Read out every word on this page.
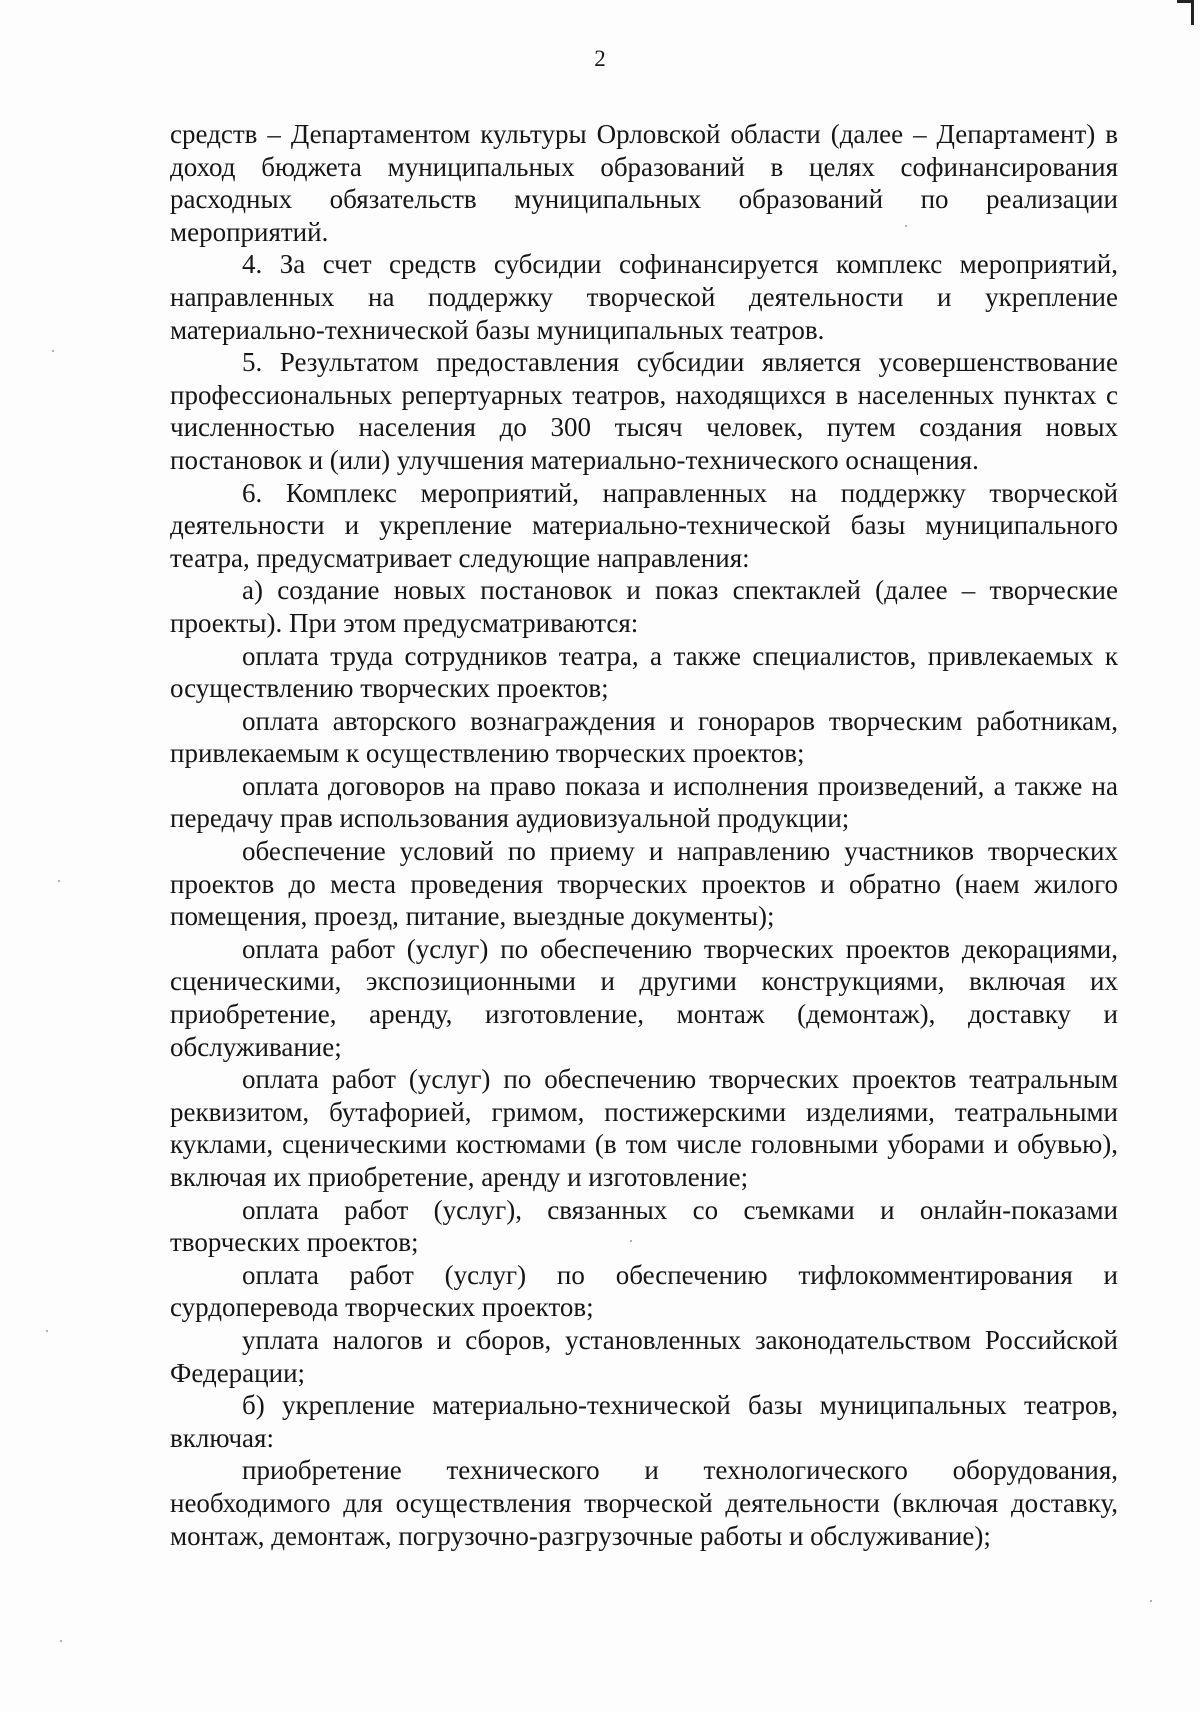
2

средств – Департаментом культуры Орловской области (далее – Департамент) в доход бюджета муниципальных образований в целях софинансирования расходных обязательств муниципальных образований по реализации мероприятий.

4. За счет средств субсидии софинансируется комплекс мероприятий, направленных на поддержку творческой деятельности и укрепление материально-технической базы муниципальных театров.

5. Результатом предоставления субсидии является усовершенствование профессиональных репертуарных театров, находящихся в населенных пунктах с численностью населения до 300 тысяч человек, путем создания новых постановок и (или) улучшения материально-технического оснащения.

6. Комплекс мероприятий, направленных на поддержку творческой деятельности и укрепление материально-технической базы муниципального театра, предусматривает следующие направления:

а) создание новых постановок и показ спектаклей (далее – творческие проекты). При этом предусматриваются:

оплата труда сотрудников театра, а также специалистов, привлекаемых к осуществлению творческих проектов;

оплата авторского вознаграждения и гонораров творческим работникам, привлекаемым к осуществлению творческих проектов;

оплата договоров на право показа и исполнения произведений, а также на передачу прав использования аудиовизуальной продукции;

обеспечение условий по приему и направлению участников творческих проектов до места проведения творческих проектов и обратно (наем жилого помещения, проезд, питание, выездные документы);

оплата работ (услуг) по обеспечению творческих проектов декорациями, сценическими, экспозиционными и другими конструкциями, включая их приобретение, аренду, изготовление, монтаж (демонтаж), доставку и обслуживание;

оплата работ (услуг) по обеспечению творческих проектов театральным реквизитом, бутафорией, гримом, постижерскими изделиями, театральными куклами, сценическими костюмами (в том числе головными уборами и обувью), включая их приобретение, аренду и изготовление;

оплата работ (услуг), связанных со съемками и онлайн-показами творческих проектов;

оплата работ (услуг) по обеспечению тифлокомментирования и сурдоперевода творческих проектов;

уплата налогов и сборов, установленных законодательством Российской Федерации;

б) укрепление материально-технической базы муниципальных театров, включая:

приобретение технического и технологического оборудования, необходимого для осуществления творческой деятельности (включая доставку, монтаж, демонтаж, погрузочно-разгрузочные работы и обслуживание);
